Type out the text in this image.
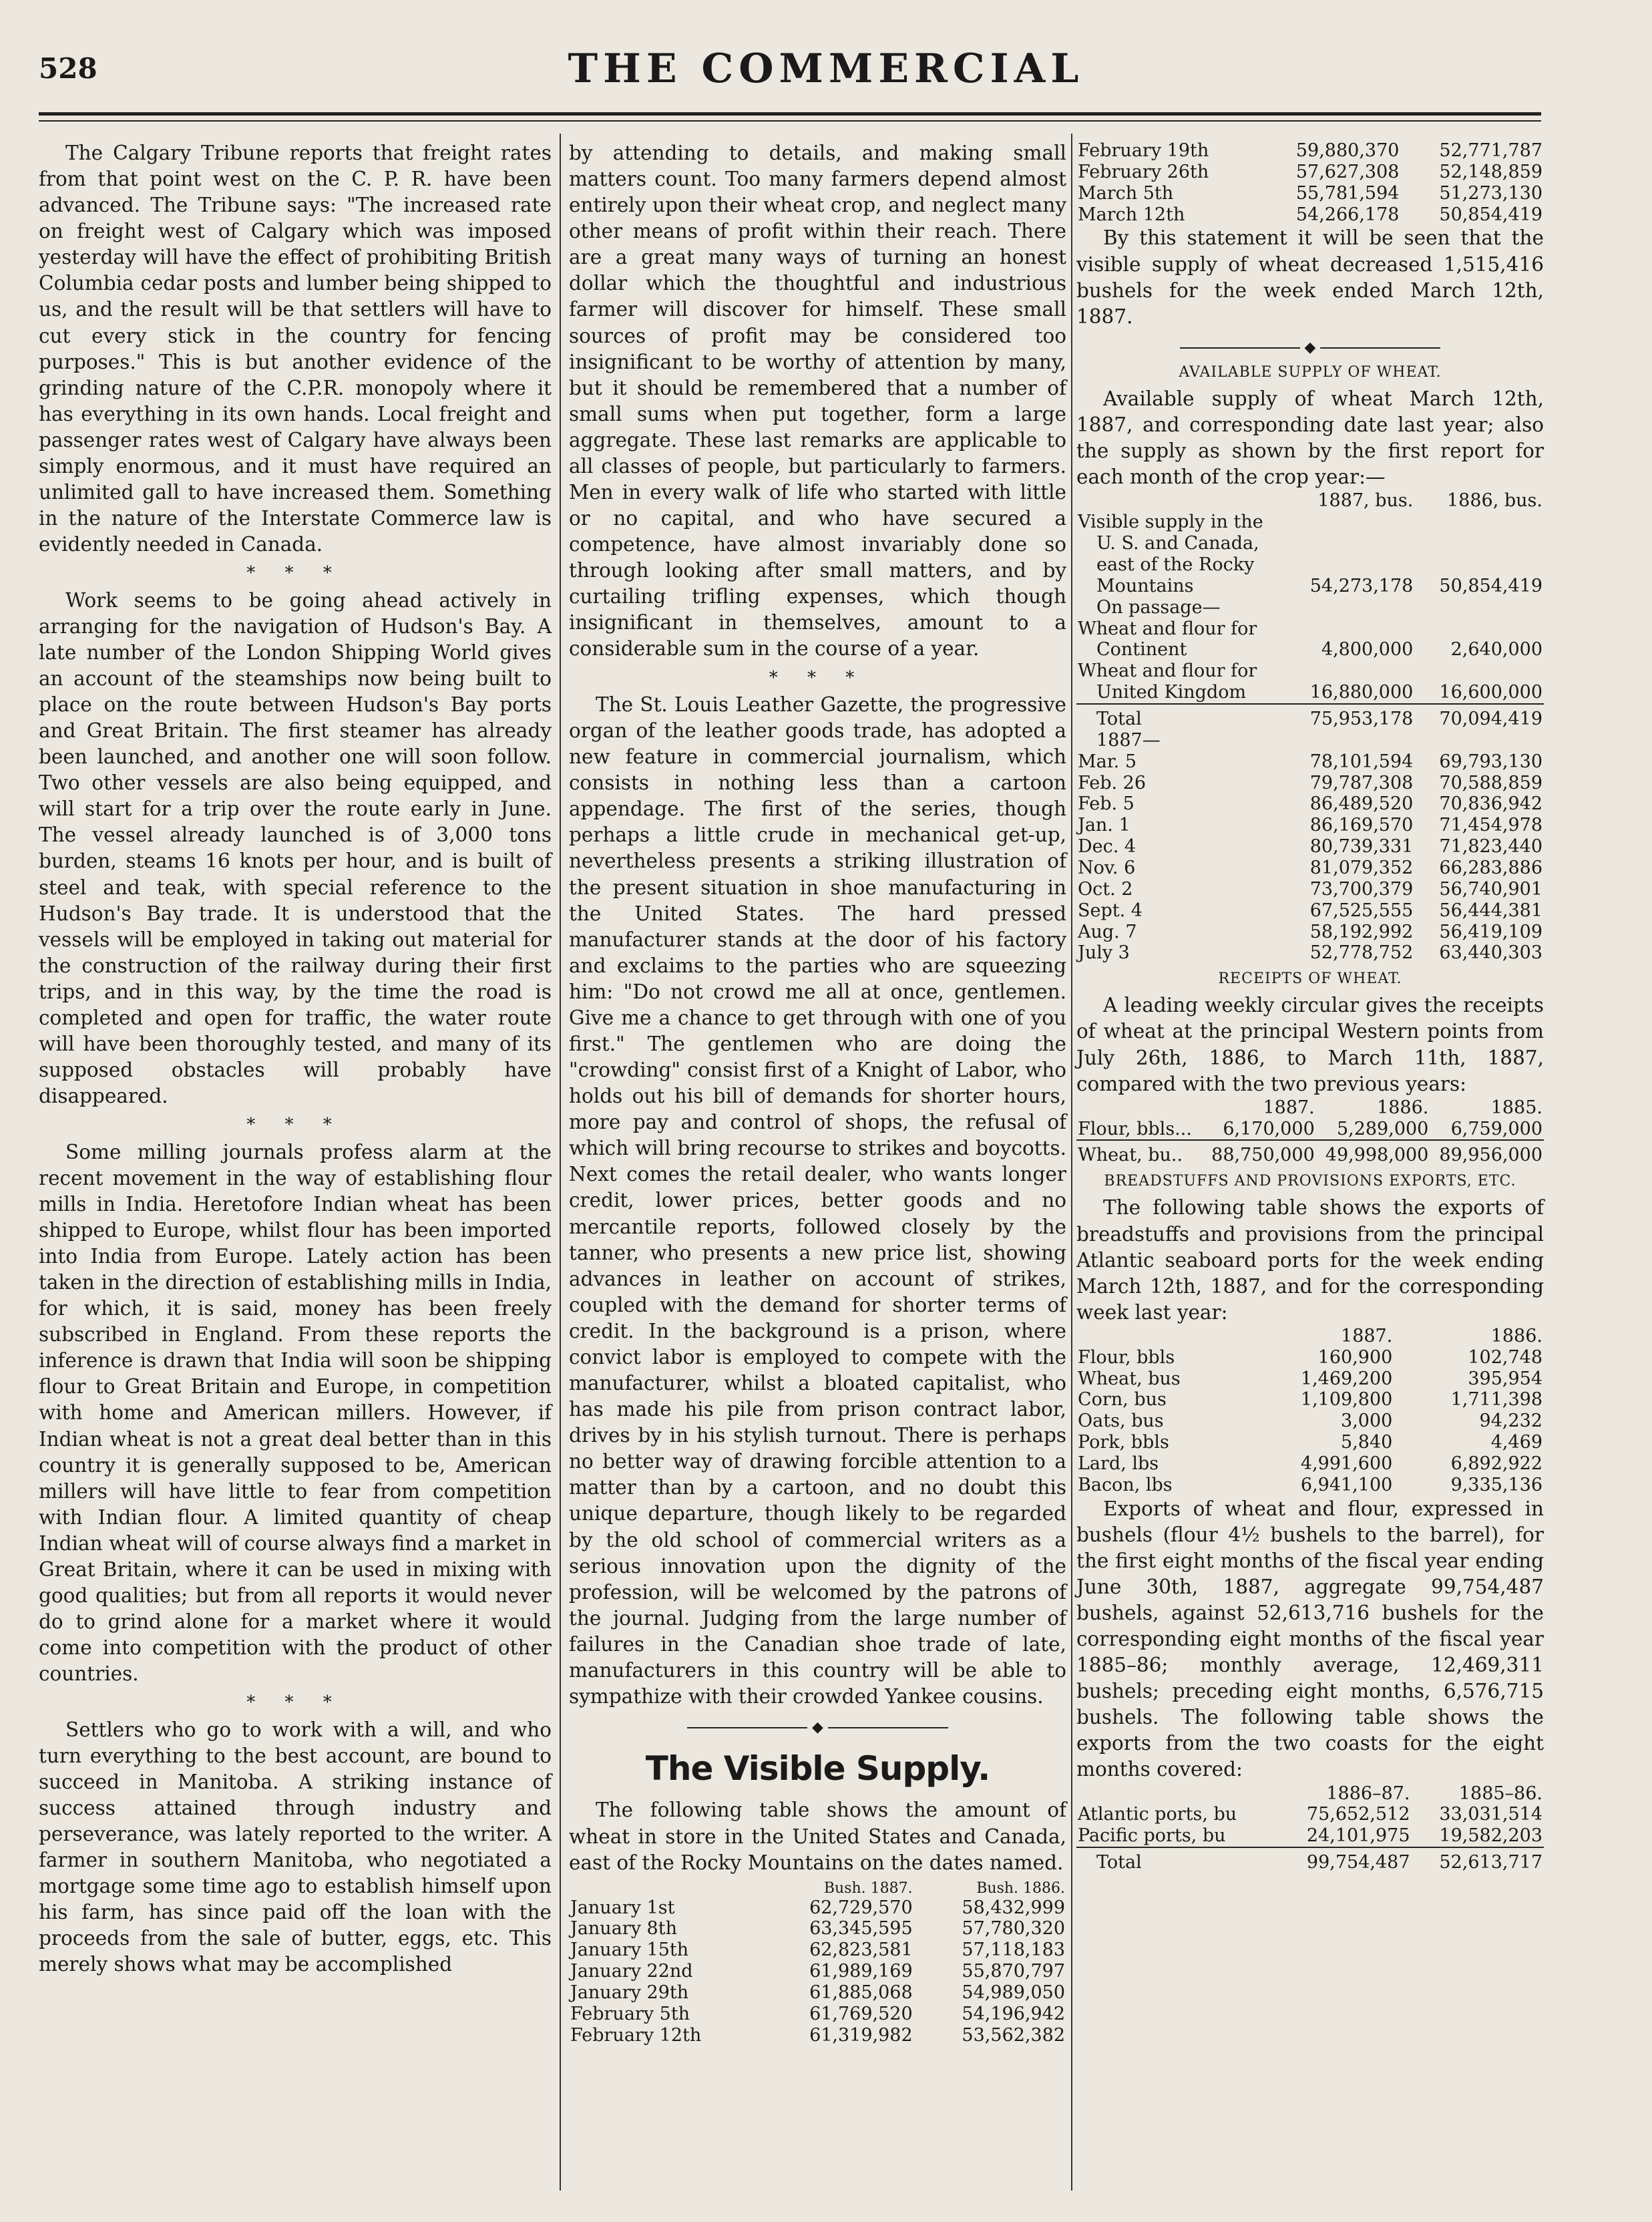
528	THE COMMERCIAL

The Calgary Tribune reports that freight rates from that point west on the C. P. R. have been advanced. The Tribune says: "The increased rate on freight west of Calgary which was imposed yesterday will have the effect of prohibiting British Columbia cedar posts and lumber being shipped to us, and the result will be that settlers will have to cut every stick in the country for fencing purposes." This is but another evidence of the grinding nature of the C.P.R. monopoly where it has everything in its own hands. Local freight and passenger rates west of Calgary have always been simply enormous, and it must have required an unlimited gall to have increased them. Something in the nature of the Interstate Commerce law is evidently needed in Canada.

* * *

Work seems to be going ahead actively in arranging for the navigation of Hudson's Bay. A late number of the London Shipping World gives an account of the steamships now being built to place on the route between Hudson's Bay ports and Great Britain. The first steamer has already been launched, and another one will soon follow. Two other vessels are also being equipped, and will start for a trip over the route early in June. The vessel already launched is of 3,000 tons burden, steams 16 knots per hour, and is built of steel and teak, with special reference to the Hudson's Bay trade. It is understood that the vessels will be employed in taking out material for the construction of the railway during their first trips, and in this way, by the time the road is completed and open for traffic, the water route will have been thoroughly tested, and many of its supposed obstacles will probably have disappeared.

* * *

Some milling journals profess alarm at the recent movement in the way of establishing flour mills in India. Heretofore Indian wheat has been shipped to Europe, whilst flour has been imported into India from Europe. Lately action has been taken in the direction of establishing mills in India, for which, it is said, money has been freely subscribed in England. From these reports the inference is drawn that India will soon be shipping flour to Great Britain and Europe, in competition with home and American millers. However, if Indian wheat is not a great deal better than in this country it is generally supposed to be, American millers will have little to fear from competition with Indian flour. A limited quantity of cheap Indian wheat will of course always find a market in Great Britain, where it can be used in mixing with good qualities; but from all reports it would never do to grind alone for a market where it would come into competition with the product of other countries.

* * *

Settlers who go to work with a will, and who turn everything to the best account, are bound to succeed in Manitoba. A striking instance of success attained through industry and perseverance, was lately reported to the writer. A farmer in southern Manitoba, who negotiated a mortgage some time ago to establish himself upon his farm, has since paid off the loan with the proceeds from the sale of butter, eggs, etc. This merely shows what may be accomplished

by attending to details, and making small matters count. Too many farmers depend almost entirely upon their wheat crop, and neglect many other means of profit within their reach. There are a great many ways of turning an honest dollar which the thoughtful and industrious farmer will discover for himself. These small sources of profit may be considered too insignificant to be worthy of attention by many, but it should be remembered that a number of small sums when put together, form a large aggregate. These last remarks are applicable to all classes of people, but particularly to farmers. Men in every walk of life who started with little or no capital, and who have secured a competence, have almost invariably done so through looking after small matters, and by curtailing trifling expenses, which though insignificant in themselves, amount to a considerable sum in the course of a year.

* * *

The St. Louis Leather Gazette, the progressive organ of the leather goods trade, has adopted a new feature in commercial journalism, which consists in nothing less than a cartoon appendage. The first of the series, though perhaps a little crude in mechanical get-up, nevertheless presents a striking illustration of the present situation in shoe manufacturing in the United States. The hard pressed manufacturer stands at the door of his factory and exclaims to the parties who are squeezing him: "Do not crowd me all at once, gentlemen. Give me a chance to get through with one of you first." The gentlemen who are doing the "crowding" consist first of a Knight of Labor, who holds out his bill of demands for shorter hours, more pay and control of shops, the refusal of which will bring recourse to strikes and boycotts. Next comes the retail dealer, who wants longer credit, lower prices, better goods and no mercantile reports, followed closely by the tanner, who presents a new price list, showing advances in leather on account of strikes, coupled with the demand for shorter terms of credit. In the background is a prison, where convict labor is employed to compete with the manufacturer, whilst a bloated capitalist, who has made his pile from prison contract labor, drives by in his stylish turnout. There is perhaps no better way of drawing forcible attention to a matter than by a cartoon, and no doubt this unique departure, though likely to be regarded by the old school of commercial writers as a serious innovation upon the dignity of the profession, will be welcomed by the patrons of the journal. Judging from the large number of failures in the Canadian shoe trade of late, manufacturers in this country will be able to sympathize with their crowded Yankee cousins.

◆
The Visible Supply.

The following table shows the amount of wheat in store in the United States and Canada, east of the Rocky Mountains on the dates named.

	Bush. 1887.	Bush. 1886.
January 1st	62,729,570	58,432,999
January 8th	63,345,595	57,780,320
January 15th	62,823,581	57,118,183
January 22nd	61,989,169	55,870,797
January 29th	61,885,068	54,989,050
February 5th	61,769,520	54,196,942
February 12th	61,319,982	53,562,382
February 19th	59,880,370	52,771,787
February 26th	57,627,308	52,148,859
March 5th	55,781,594	51,273,130
March 12th	54,266,178	50,854,419

By this statement it will be seen that the visible supply of wheat decreased 1,515,416 bushels for the week ended March 12th, 1887.

◆
AVAILABLE SUPPLY OF WHEAT.

Available supply of wheat March 12th, 1887, and corresponding date last year; also the supply as shown by the first report for each month of the crop year:—

	1887, bus.	1886, bus.
Visible supply in the		
U. S. and Canada,		
east of the Rocky		
Mountains	54,273,178	50,854,419
On passage—		
Wheat and flour for		
Continent	4,800,000	2,640,000
Wheat and flour for		
United Kingdom	16,880,000	16,600,000
Total	75,953,178	70,094,419
1887—		
Mar. 5	78,101,594	69,793,130
Feb. 26	79,787,308	70,588,859
Feb. 5	86,489,520	70,836,942
Jan. 1	86,169,570	71,454,978
Dec. 4	80,739,331	71,823,440
Nov. 6	81,079,352	66,283,886
Oct. 2	73,700,379	56,740,901
Sept. 4	67,525,555	56,444,381
Aug. 7	58,192,992	56,419,109
July 3	52,778,752	63,440,303
RECEIPTS OF WHEAT.

A leading weekly circular gives the receipts of wheat at the principal Western points from July 26th, 1886, to March 11th, 1887, compared with the two previous years:

	1887.	1886.	1885.
Flour, bbls...	6,170,000	5,289,000	6,759,000
Wheat, bu..	88,750,000	49,998,000	89,956,000
BREADSTUFFS AND PROVISIONS EXPORTS, ETC.

The following table shows the exports of breadstuffs and provisions from the principal Atlantic seaboard ports for the week ending March 12th, 1887, and for the corresponding week last year:

	1887.	1886.
Flour, bbls	160,900	102,748
Wheat, bus	1,469,200	395,954
Corn, bus	1,109,800	1,711,398
Oats, bus	3,000	94,232
Pork, bbls	5,840	4,469
Lard, lbs	4,991,600	6,892,922
Bacon, lbs	6,941,100	9,335,136

Exports of wheat and flour, expressed in bushels (flour 4½ bushels to the barrel), for the first eight months of the fiscal year ending June 30th, 1887, aggregate 99,754,487 bushels, against 52,613,716 bushels for the corresponding eight months of the fiscal year 1885–86; monthly average, 12,469,311 bushels; preceding eight months, 6,576,715 bushels. The following table shows the exports from the two coasts for the eight months covered:

	1886–87.	1885–86.
Atlantic ports, bu	75,652,512	33,031,514
Pacific ports, bu	24,101,975	19,582,203
Total	99,754,487	52,613,717
